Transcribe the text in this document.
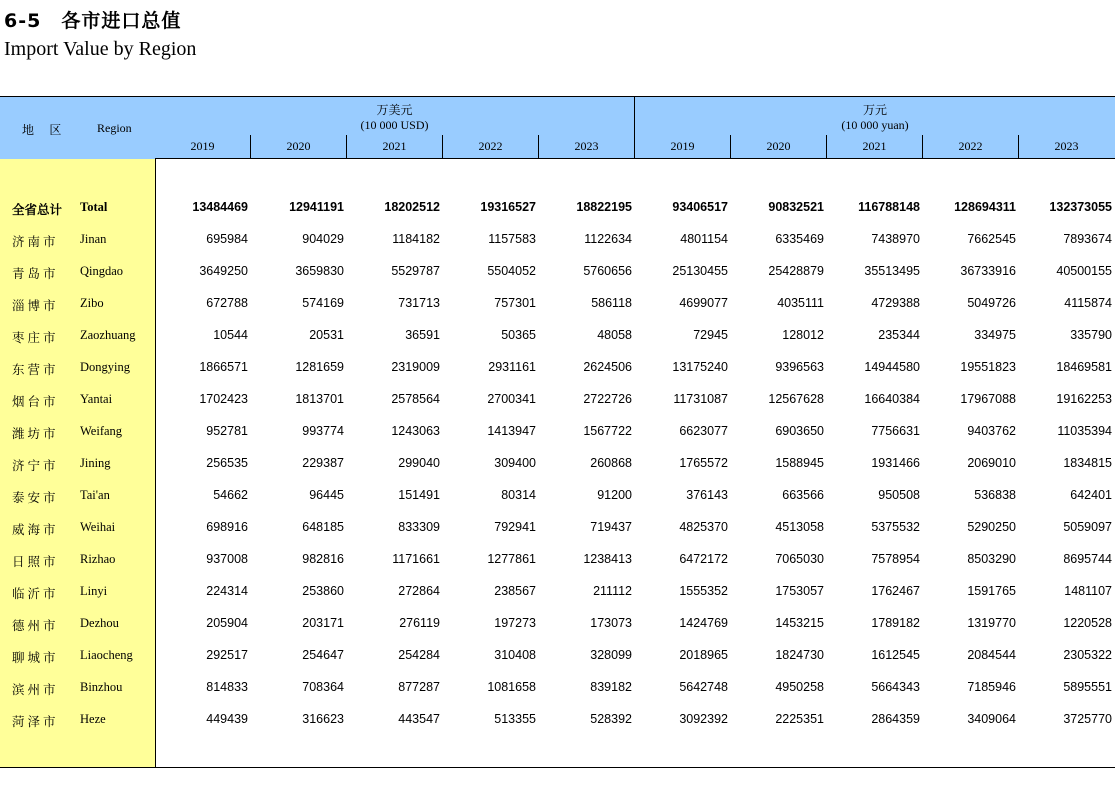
6-5　各市进口总值
Import Value by Region
地 区 Region
万美元
(10 000 USD)
万元
(10 000 yuan)
2019	2020	2021	2022	2023	2019	2020	2021	2022	2023
全省总计 Total	13484469	12941191	18202512	19316527	18822195	93406517	90832521	116788148	128694311	132373055
济南市 Jinan	695984	904029	1184182	1157583	1122634	4801154	6335469	7438970	7662545	7893674
青岛市 Qingdao	3649250	3659830	5529787	5504052	5760656	25130455	25428879	35513495	36733916	40500155
淄博市 Zibo	672788	574169	731713	757301	586118	4699077	4035111	4729388	5049726	4115874
枣庄市 Zaozhuang	10544	20531	36591	50365	48058	72945	128012	235344	334975	335790
东营市 Dongying	1866571	1281659	2319009	2931161	2624506	13175240	9396563	14944580	19551823	18469581
烟台市 Yantai	1702423	1813701	2578564	2700341	2722726	11731087	12567628	16640384	17967088	19162253
潍坊市 Weifang	952781	993774	1243063	1413947	1567722	6623077	6903650	7756631	9403762	11035394
济宁市 Jining	256535	229387	299040	309400	260868	1765572	1588945	1931466	2069010	1834815
泰安市 Tai'an	54662	96445	151491	80314	91200	376143	663566	950508	536838	642401
威海市 Weihai	698916	648185	833309	792941	719437	4825370	4513058	5375532	5290250	5059097
日照市 Rizhao	937008	982816	1171661	1277861	1238413	6472172	7065030	7578954	8503290	8695744
临沂市 Linyi	224314	253860	272864	238567	211112	1555352	1753057	1762467	1591765	1481107
德州市 Dezhou	205904	203171	276119	197273	173073	1424769	1453215	1789182	1319770	1220528
聊城市 Liaocheng	292517	254647	254284	310408	328099	2018965	1824730	1612545	2084544	2305322
滨州市 Binzhou	814833	708364	877287	1081658	839182	5642748	4950258	5664343	7185946	5895551
菏泽市 Heze	449439	316623	443547	513355	528392	3092392	2225351	2864359	3409064	3725770
